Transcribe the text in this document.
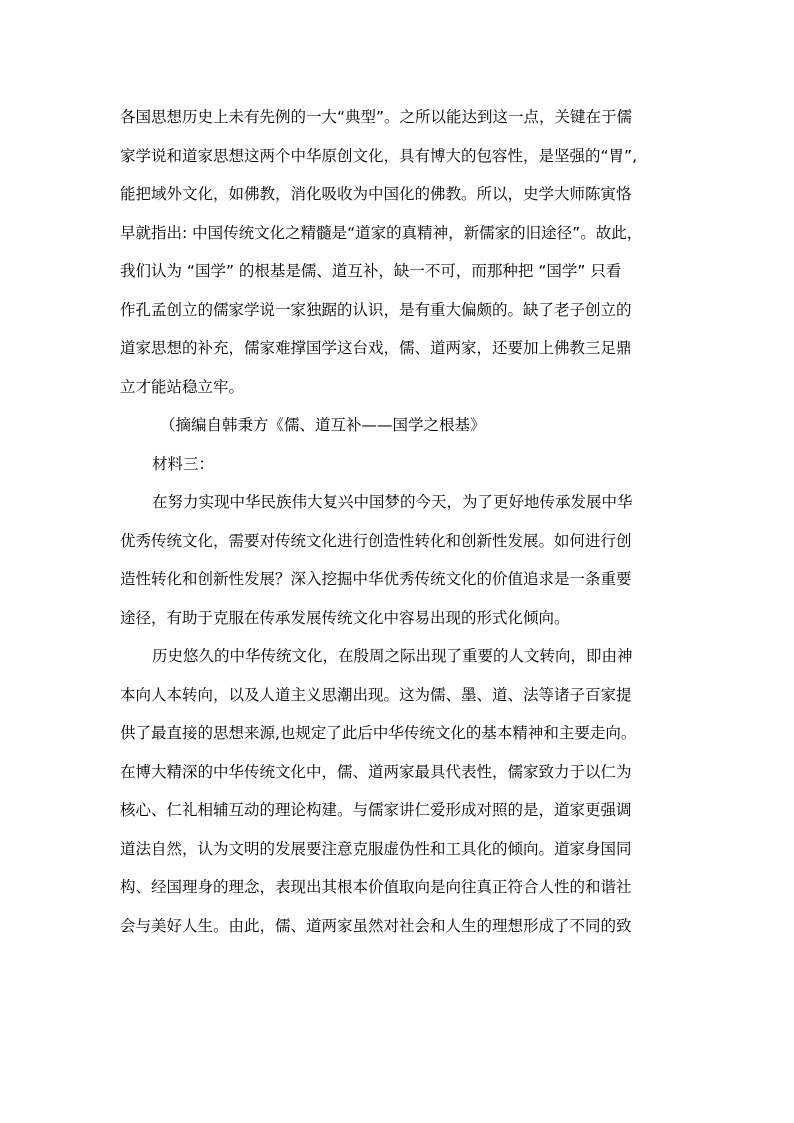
各国思想历史上未有先例的一大“典型”。之所以能达到这一点，关键在于儒
家学说和道家思想这两个中华原创文化，具有博大的包容性，是坚强的“胃”,
能把域外文化，如佛教，消化吸收为中国化的佛教。所以，史学大师陈寅恪
早就指出: 中国传统文化之精髓是“道家的真精神，新儒家的旧途径”。故此，
我们认为 “国学” 的根基是儒、道互补，缺一不可，而那种把 “国学” 只看
作孔孟创立的儒家学说一家独踞的认识，是有重大偏颇的。缺了老子创立的
道家思想的补充，儒家难撑国学这台戏，儒、道两家，还要加上佛教三足鼎
立才能站稳立牢。
（摘编自韩秉方《儒、道互补——国学之根基》
材料三：
在努力实现中华民族伟大复兴中国梦的今天，为了更好地传承发展中华
优秀传统文化，需要对传统文化进行创造性转化和创新性发展。如何进行创
造性转化和创新性发展？深入挖掘中华优秀传统文化的价值追求是一条重要
途径，有助于克服在传承发展传统文化中容易出现的形式化倾向。
历史悠久的中华传统文化，在殷周之际出现了重要的人文转向，即由神
本向人本转向，以及人道主义思潮出现。这为儒、墨、道、法等诸子百家提
供了最直接的思想来源,也规定了此后中华传统文化的基本精神和主要走向。
在博大精深的中华传统文化中，儒、道两家最具代表性，儒家致力于以仁为
核心、仁礼相辅互动的理论构建。与儒家讲仁爱形成对照的是，道家更强调
道法自然，认为文明的发展要注意克服虚伪性和工具化的倾向。道家身国同
构、经国理身的理念，表现出其根本价值取向是向往真正符合人性的和谐社
会与美好人生。由此，儒、道两家虽然对社会和人生的理想形成了不同的致
